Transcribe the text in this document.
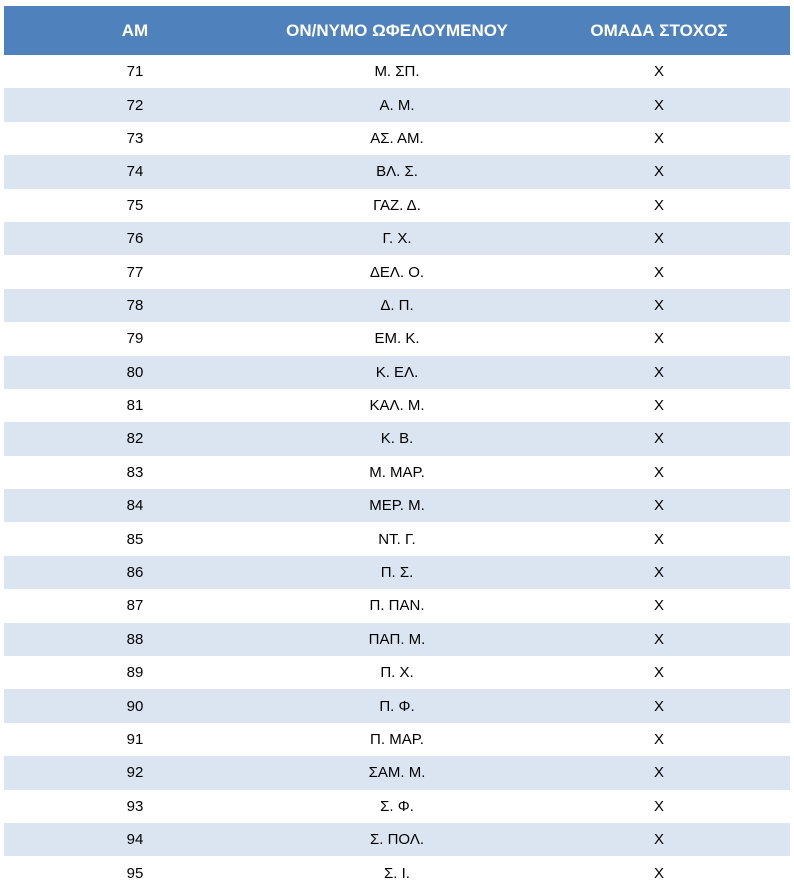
AM	ΟΝ/ΝΥΜΟ ΩΦΕΛΟΥΜΕΝΟΥ	ΟΜΑΔΑ ΣΤΟΧΟΣ
71	Μ. ΣΠ.	Χ
72	Α. Μ.	Χ
73	ΑΣ. ΑΜ.	Χ
74	ΒΛ. Σ.	Χ
75	ΓΑΖ. Δ.	Χ
76	Γ. Χ.	Χ
77	ΔΕΛ. Ο.	Χ
78	Δ. Π.	Χ
79	ΕΜ. Κ.	Χ
80	Κ. ΕΛ.	Χ
81	ΚΑΛ. Μ.	Χ
82	Κ. Β.	Χ
83	Μ. ΜΑΡ.	Χ
84	ΜΕΡ. Μ.	Χ
85	ΝΤ. Γ.	Χ
86	Π. Σ.	Χ
87	Π. ΠΑΝ.	Χ
88	ΠΑΠ. Μ.	Χ
89	Π. Χ.	Χ
90	Π. Φ.	Χ
91	Π. ΜΑΡ.	Χ
92	ΣΑΜ. Μ.	Χ
93	Σ. Φ.	Χ
94	Σ. ΠΟΛ.	Χ
95	Σ. Ι.	Χ
